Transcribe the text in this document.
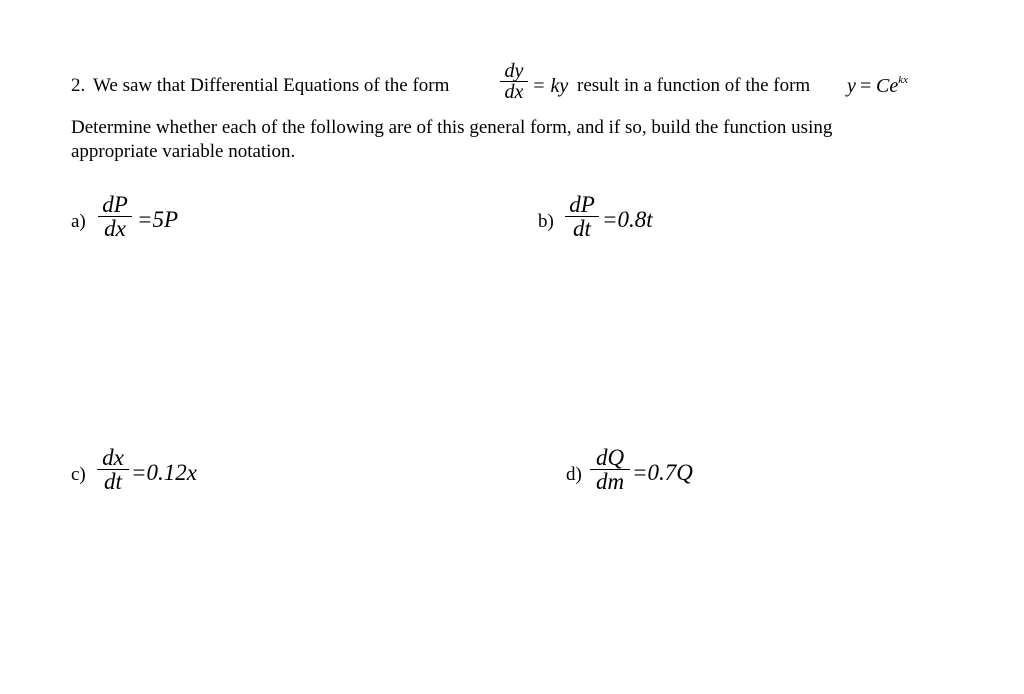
2. We saw that Differential Equations of the form
dy
dx = ky result in a function of the form $y = Ce^{kx}$
Determine whether each of the following are of this general form, and if so, build the function using
appropriate variable notation.
a)
dP
dx =5P	b)
dP
dt =0.8t
c)
dx
dt =0.12x	d)
dQ
dm =0.7Q
